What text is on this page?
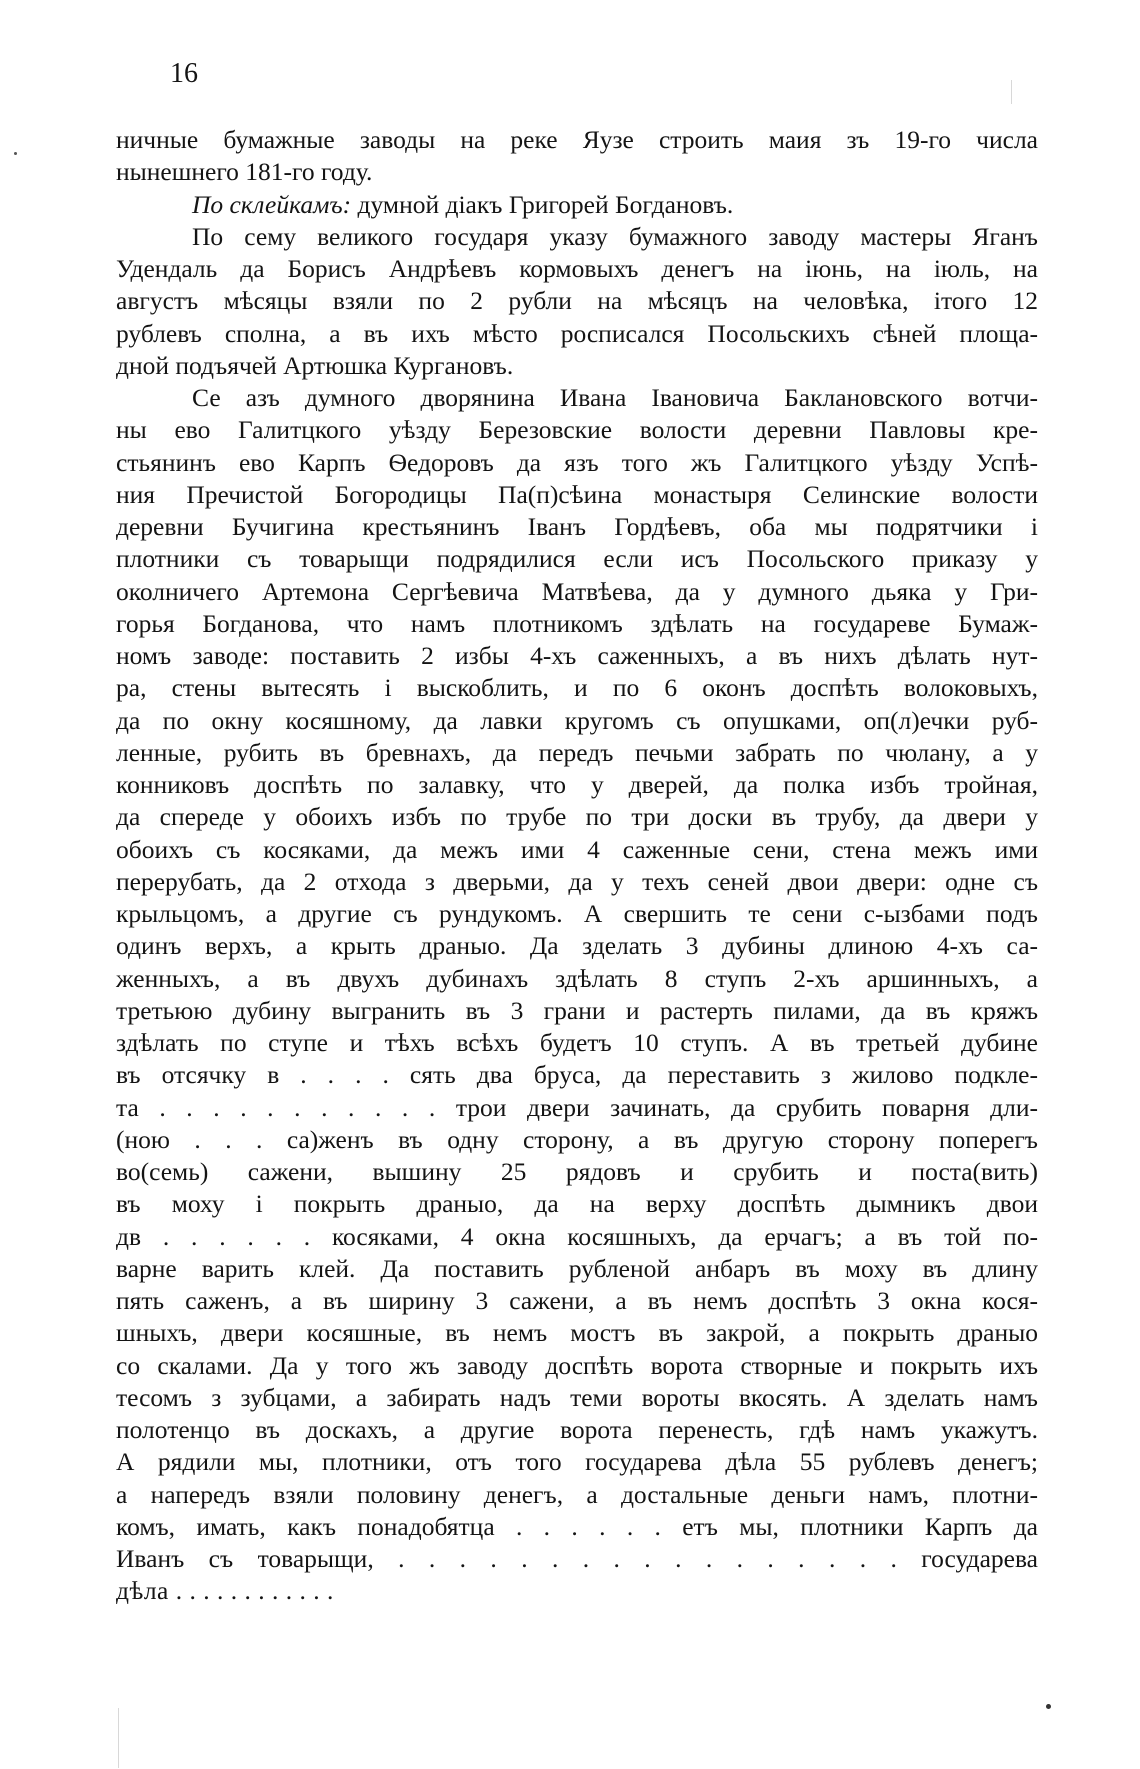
16
ничные бумажные заводы на реке Яузе строить маия зъ 19-го числа
нынешнего 181-го году.
По склейкамъ: думной діакъ Григорей Богдановъ.
По сему великого государя указу бумажного заводу мастеры Яганъ
Удендаль да Борисъ Андрѣевъ кормовыхъ денегъ на іюнь, на іюль, на
августъ мѣсяцы взяли по 2 рубли на мѣсяцъ на человѣка, ітого 12
рублевъ сполна, а въ ихъ мѣсто росписался Посольскихъ сѣней площа-
дной подъячей Артюшка Кургановъ.
Се азъ думного дворянина Ивана Івановича Баклановского вотчи-
ны ево Галитцкого уѣзду Березовские волости деревни Павловы кре-
стьянинъ ево Карпъ Ѳедоровъ да язъ того жъ Галитцкого уѣзду Успѣ-
ния Пречистой Богородицы Па(п)сѣина монастыря Селинские волости
деревни Бучигина крестьянинъ Іванъ Гордѣевъ, оба мы подрятчики і
плотники съ товарыщи подрядилися если исъ Посольского приказу у
околничего Артемона Сергѣевича Матвѣева, да у думного дьяка у Гри-
горья Богданова, что намъ плотникомъ здѣлать на государеве Бумаж-
номъ заводе: поставить 2 избы 4-хъ саженныхъ, а въ нихъ дѣлать нут-
ра, стены вытесять і выскоблить, и по 6 оконъ доспѣть волоковыхъ,
да по окну косяшному, да лавки кругомъ съ опушками, оп(л)ечки руб-
ленные, рубить въ бревнахъ, да передъ печьми забрать по чюлану, а у
конниковъ доспѣть по залавку, что у дверей, да полка избъ тройная,
да спереде у обоихъ избъ по трубе по три доски въ трубу, да двери у
обоихъ съ косяками, да межъ ими 4 саженные сени, стена межъ ими
перерубать, да 2 отхода з дверьми, да у техъ сеней двои двери: одне съ
крыльцомъ, а другие съ рундукомъ. А свершить те сени с-ызбами подъ
одинъ верхъ, а крыть драныо. Да зделать 3 дубины длиною 4-хъ са-
женныхъ, а въ двухъ дубинахъ здѣлать 8 ступъ 2-хъ аршинныхъ, а
третьюю дубину выгранить въ 3 грани и растерть пилами, да въ кряжъ
здѣлать по ступе и тѣхъ всѣхъ будетъ 10 ступъ. А въ третьей дубине
въ отсячку в . . . . сять два бруса, да переставить з жилово подкле-
та . . . . . . . . . . . трои двери зачинать, да срубить поварня дли-
(ною . . . са)женъ въ одну сторону, а въ другую сторону поперегъ
во(семь) сажени, вышину 25 рядовъ и срубить и поста(вить)
въ моху і покрыть драныо, да на верху доспѣть дымникъ двои
дв . . . . . . косяками, 4 окна косяшныхъ, да ерчагъ; а въ той по-
варне варить клей. Да поставить рубленой анбаръ въ моху въ длину
пять саженъ, а въ ширину 3 сажени, а въ немъ доспѣть 3 окна кося-
шныхъ, двери косяшные, въ немъ мостъ въ закрой, а покрыть драныо
со скалами. Да у того жъ заводу доспѣть ворота створные и покрыть ихъ
тесомъ з зубцами, а забирать надъ теми вороты вкосять. А зделать намъ
полотенцо въ доскахъ, а другие ворота перенесть, гдѣ намъ укажутъ.
А рядили мы, плотники, отъ того государева дѣла 55 рублевъ денегъ;
а напередъ взяли половину денегъ, а достальные деньги намъ, плотни-
комъ, имать, какъ понадобятца . . . . . . етъ мы, плотники Карпъ да
Иванъ съ товарыщи, . . . . . . . . . . . . . . . . . государева
дѣла . . . . . . . . . . . .
